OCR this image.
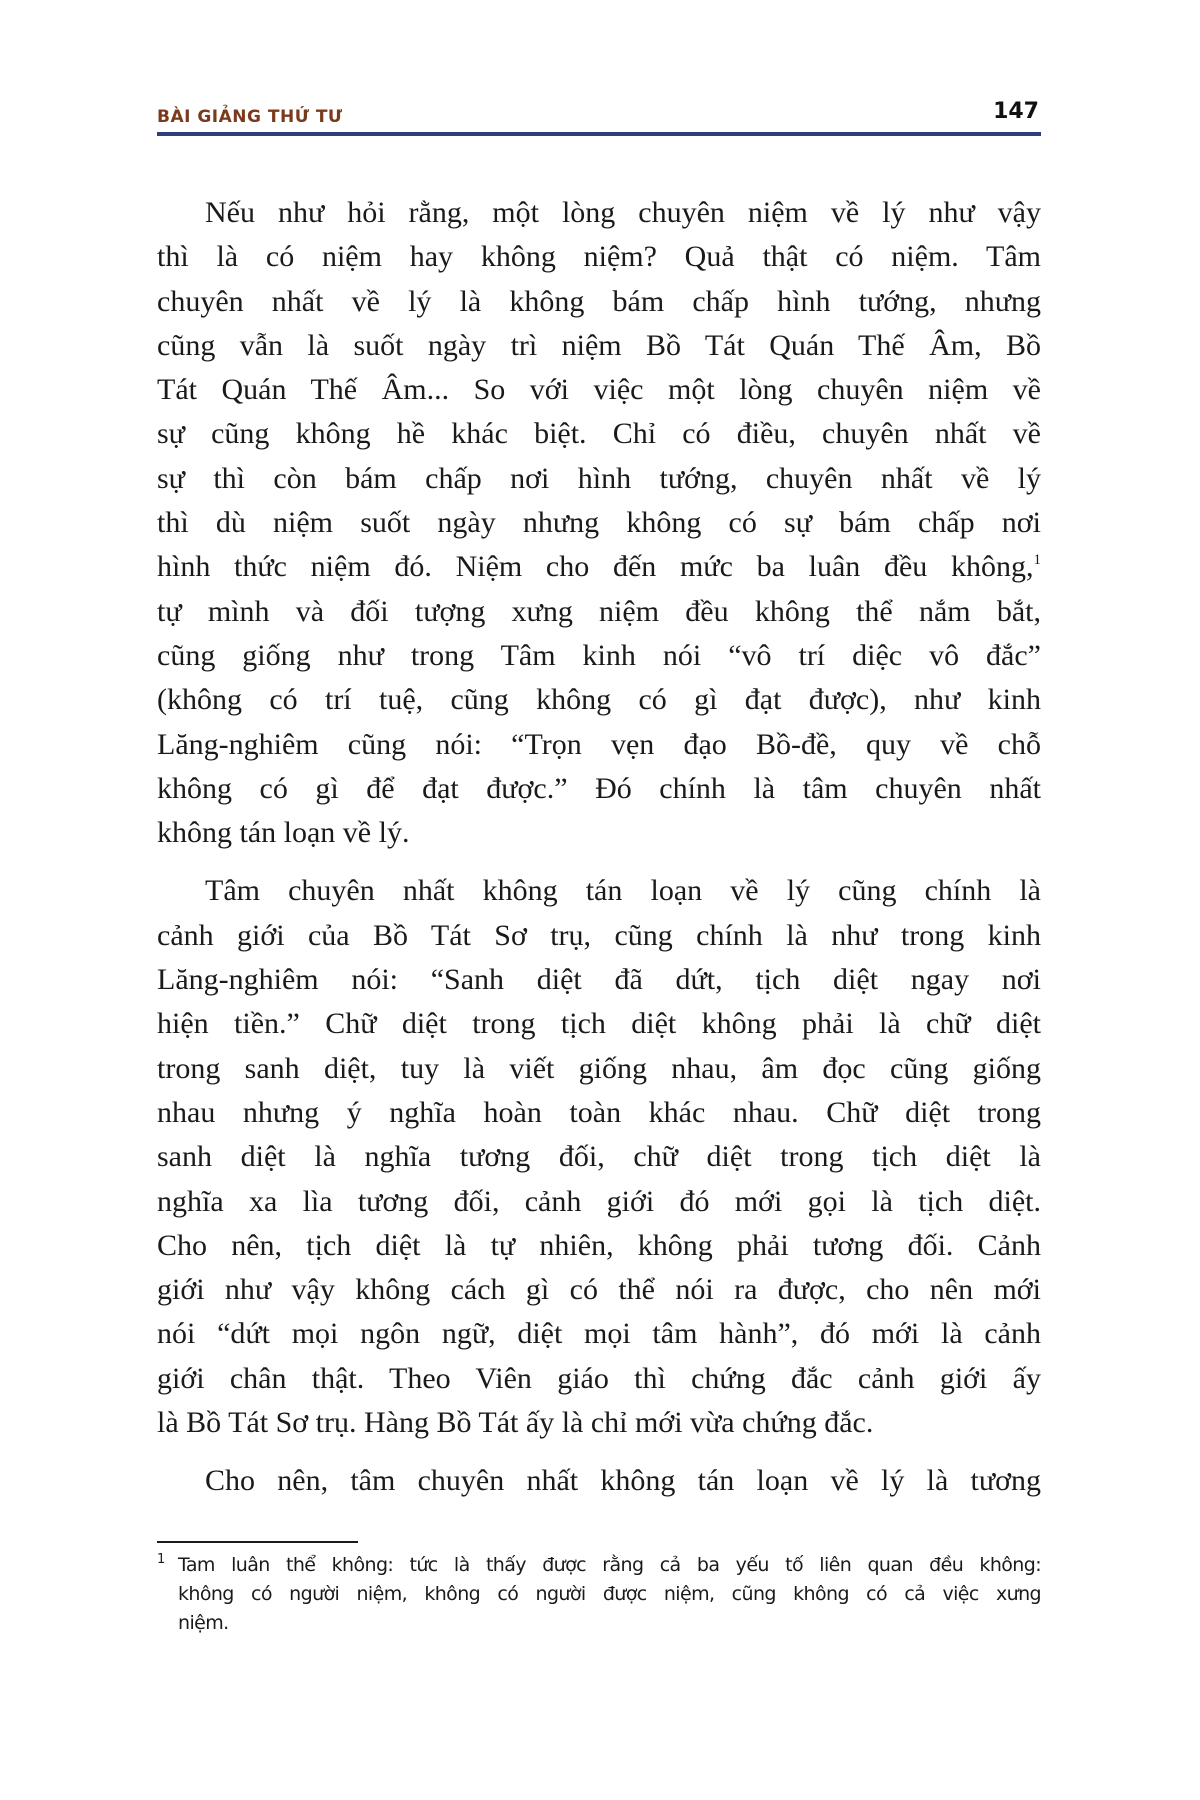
BÀI GIẢNG THỨ TƯ	147

Nếu như hỏi rằng, một lòng chuyên niệm về lý như vậy
thì là có niệm hay không niệm? Quả thật có niệm. Tâm
chuyên nhất về lý là không bám chấp hình tướng, nhưng
cũng vẫn là suốt ngày trì niệm Bồ Tát Quán Thế Âm, Bồ
Tát Quán Thế Âm... So với việc một lòng chuyên niệm về
sự cũng không hề khác biệt. Chỉ có điều, chuyên nhất về
sự thì còn bám chấp nơi hình tướng, chuyên nhất về lý
thì dù niệm suốt ngày nhưng không có sự bám chấp nơi
hình thức niệm đó. Niệm cho đến mức ba luân đều không,$^1$
tự mình và đối tượng xưng niệm đều không thể nắm bắt,
cũng giống như trong Tâm kinh nói “vô trí diệc vô đắc”
(không có trí tuệ, cũng không có gì đạt được), như kinh
Lăng-nghiêm cũng nói: “Trọn vẹn đạo Bồ-đề, quy về chỗ
không có gì để đạt được.” Đó chính là tâm chuyên nhất
không tán loạn về lý.

Tâm chuyên nhất không tán loạn về lý cũng chính là
cảnh giới của Bồ Tát Sơ trụ, cũng chính là như trong kinh
Lăng-nghiêm nói: “Sanh diệt đã dứt, tịch diệt ngay nơi
hiện tiền.” Chữ diệt trong tịch diệt không phải là chữ diệt
trong sanh diệt, tuy là viết giống nhau, âm đọc cũng giống
nhau nhưng ý nghĩa hoàn toàn khác nhau. Chữ diệt trong
sanh diệt là nghĩa tương đối, chữ diệt trong tịch diệt là
nghĩa xa lìa tương đối, cảnh giới đó mới gọi là tịch diệt.
Cho nên, tịch diệt là tự nhiên, không phải tương đối. Cảnh
giới như vậy không cách gì có thể nói ra được, cho nên mới
nói “dứt mọi ngôn ngữ, diệt mọi tâm hành”, đó mới là cảnh
giới chân thật. Theo Viên giáo thì chứng đắc cảnh giới ấy
là Bồ Tát Sơ trụ. Hàng Bồ Tát ấy là chỉ mới vừa chứng đắc.

Cho nên, tâm chuyên nhất không tán loạn về lý là tương

1 Tam luân thể không: tức là thấy được rằng cả ba yếu tố liên quan đều không:
không có người niệm, không có người được niệm, cũng không có cả việc xưng
niệm.
